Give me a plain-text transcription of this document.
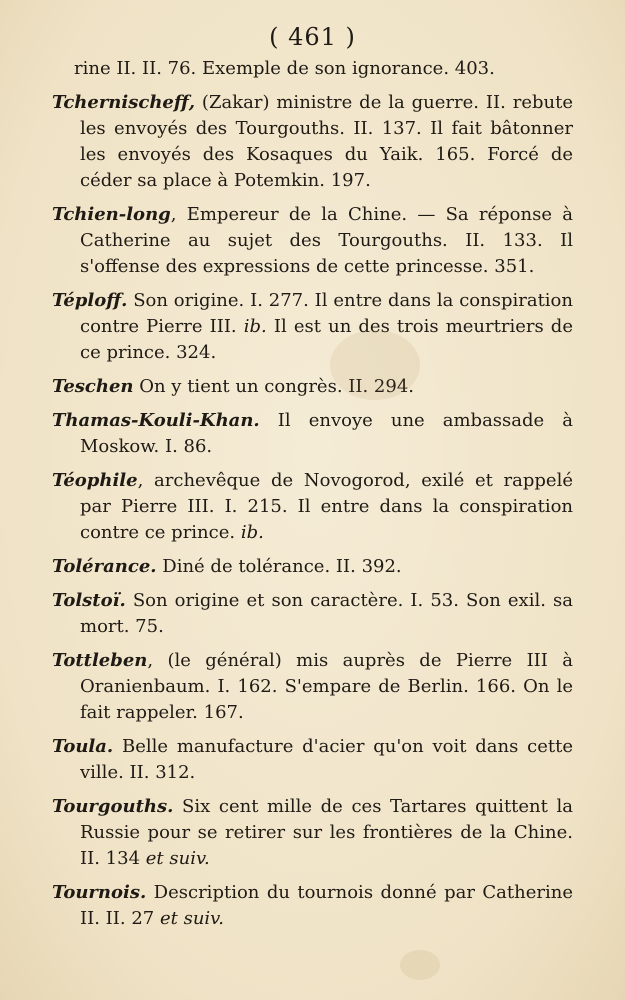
( 461 )

rine II. II. 76. Exemple de son ignorance. 403.

Tchernischeff, (Zakar) ministre de la guerre. II. rebute les envoyés des Tourgouths. II. 137. Il fait bâtonner les envoyés des Kosaques du Yaik. 165. Forcé de céder sa place à Potemkin. 197.

Tchien-long, Empereur de la Chine. — Sa réponse à Catherine au sujet des Tourgouths. II. 133. Il s'offense des expressions de cette princesse. 351.

Téploff. Son origine. I. 277. Il entre dans la conspiration contre Pierre III. ib. Il est un des trois meurtriers de ce prince. 324.

Teschen On y tient un congrès. II. 294.

Thamas-Kouli-Khan. Il envoye une ambassade à Moskow. I. 86.

Téophile, archevêque de Novogorod, exilé et rappelé par Pierre III. I. 215. Il entre dans la conspiration contre ce prince. ib.

Tolérance. Diné de tolérance. II. 392.

Tolstoï. Son origine et son caractère. I. 53. Son exil. sa mort. 75.

Tottleben, (le général) mis auprès de Pierre III à Oranienbaum. I. 162. S'empare de Berlin. 166. On le fait rappeler. 167.

Toula. Belle manufacture d'acier qu'on voit dans cette ville. II. 312.

Tourgouths. Six cent mille de ces Tartares quittent la Russie pour se retirer sur les frontières de la Chine. II. 134 et suiv.

Tournois. Description du tournois donné par Catherine II. II. 27 et suiv.
